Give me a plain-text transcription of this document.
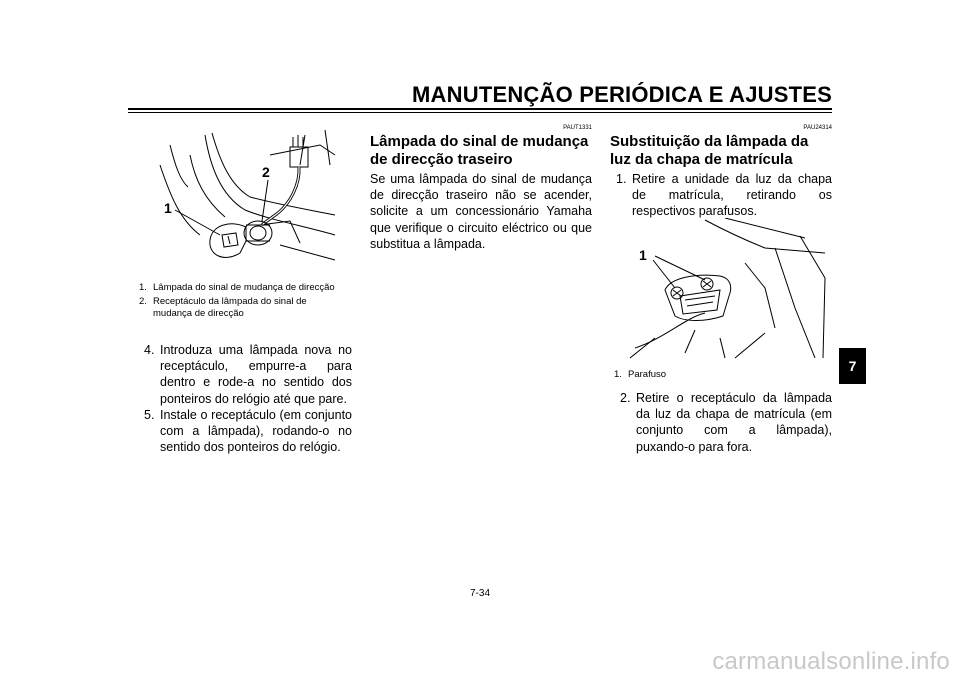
MANUTENÇÃO PERIÓDICA E AJUSTES
7
1
2
1. Lâmpada do sinal de mudança de direcção
2. Receptáculo da lâmpada do sinal de mudança de direcção
4. Introduza uma lâmpada nova no receptáculo, empurre-a para dentro e rode-a no sentido dos ponteiros do relógio até que pare.
5. Instale o receptáculo (em conjunto com a lâmpada), rodando-o no sentido dos ponteiros do relógio.
PAUT1331
Lâmpada do sinal de mudança de direcção traseiro
Se uma lâmpada do sinal de mudança de direcção traseiro não se acender, solicite a um concessionário Yamaha que verifique o circuito eléctrico ou que substitua a lâmpada.
PAU24314
Substituição da lâmpada da luz da chapa de matrícula
1. Retire a unidade da luz da chapa de matrícula, retirando os respectivos parafusos.
1
1. Parafuso
2. Retire o receptáculo da lâmpada da luz da chapa de matrícula (em conjunto com a lâmpada), puxando-o para fora.
7-34
carmanualsonline.info
